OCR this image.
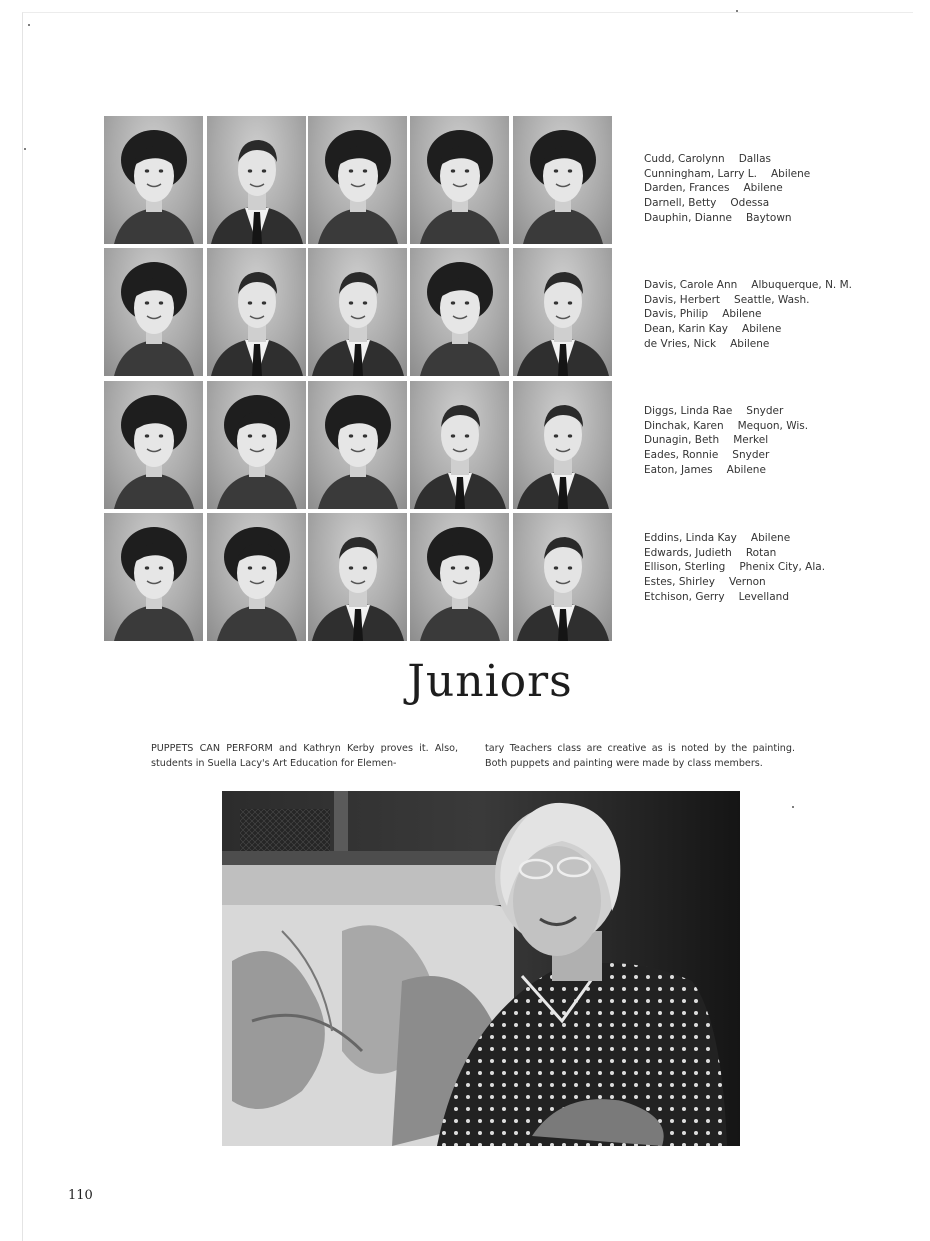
Cudd, Carolynn Dallas
Cunningham, Larry L. Abilene
Darden, Frances Abilene
Darnell, Betty Odessa
Dauphin, Dianne Baytown
Davis, Carole Ann Albuquerque, N. M.
Davis, Herbert Seattle, Wash.
Davis, Philip Abilene
Dean, Karin Kay Abilene
de Vries, Nick Abilene
Diggs, Linda Rae Snyder
Dinchak, Karen Mequon, Wis.
Dunagin, Beth Merkel
Eades, Ronnie Snyder
Eaton, James Abilene
Eddins, Linda Kay Abilene
Edwards, Judieth Rotan
Ellison, Sterling Phenix City, Ala.
Estes, Shirley Vernon
Etchison, Gerry Levelland
Juniors
PUPPETS CAN PERFORM and Kathryn Kerby proves it. Also, students in Suella Lacy's Art Education for Elemen-
tary Teachers class are creative as is noted by the painting. Both puppets and painting were made by class members.
110
